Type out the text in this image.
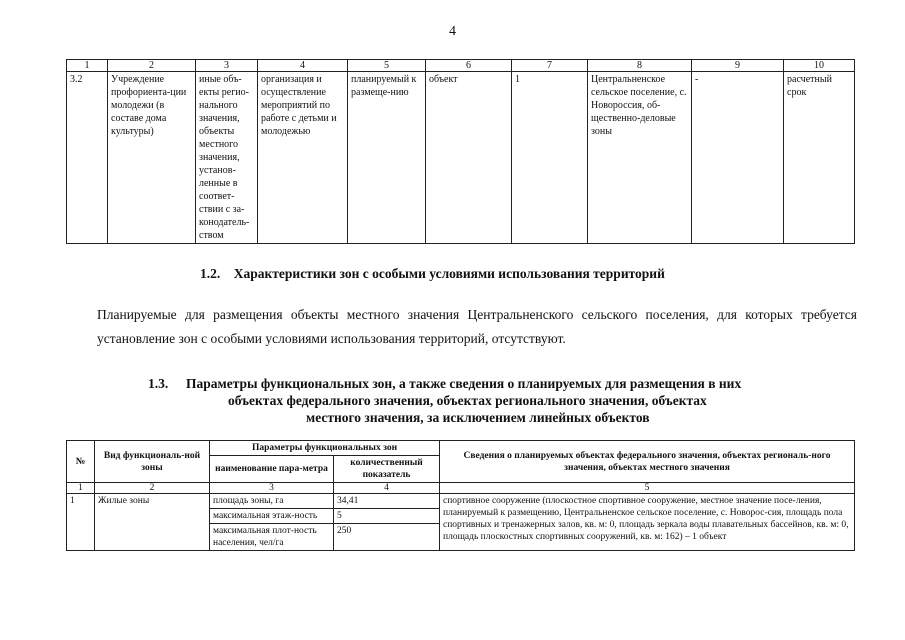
4
1	2	3	4	5	6	7	8	9	10
3.2	Учреждение профориента-ции молодежи (в составе дома культуры)	иные объ-екты регио-нального значения, объекты местного значения, установ-ленные в соответ-ствии с за-конодатель-ством	организация и осуществление мероприятий по работе с детьми и молодежью	планируемый к размеще-нию	объект	1	Центральненское сельское поселение, с. Новороссия, об-щественно-деловые зоны	-	расчетный срок
1.2. Характеристики зон с особыми условиями использования территорий
Планируемые для размещения объекты местного значения Центральненского сельского поселения, для которых требуется установление зон с особыми условиями использования территорий, отсутствуют.
1.3. Параметры функциональных зон, а также сведения о планируемых для размещения в них
объектах федерального значения, объектах регионального значения, объектах
местного значения, за исключением линейных объектов
№	Вид функциональ-ной зоны	Параметры функциональных зон		Сведения о планируемых объектах федерального значения, объектах региональ-ного значения, объектах местного значения
		наименование пара-метра	количественный показатель	
1	2	3	4	5
1	Жилые зоны	площадь зоны, га	34,41	спортивное сооружение (плоскостное спортивное сооружение, местное значение посе-ления, планируемый к размещению, Центральненское сельское поселение, с. Новорос-сия, площадь пола спортивных и тренажерных залов, кв. м: 0, площадь зеркала воды плавательных бассейнов, кв. м: 0, площадь плоскостных спортивных сооружений, кв. м: 162) – 1 объект
		максимальная этаж-ность	5	
		максимальная плот-ность населения, чел/га	250	
